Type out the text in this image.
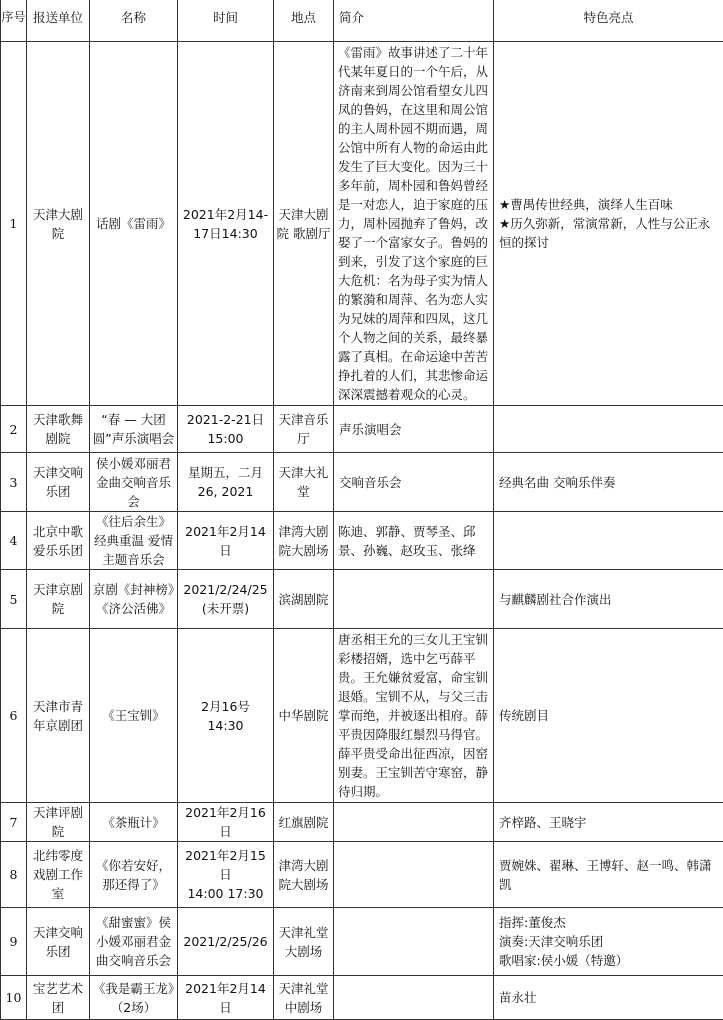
序号	报送单位	名称	时间	地点	简介	特色亮点
1	天津大剧院	话剧《雷雨》	2021年2月14-17日14:30	天津大剧院 歌剧厅	《雷雨》故事讲述了二十年代某年夏日的一个午后，从济南来到周公馆看望女儿四凤的鲁妈，在这里和周公馆的主人周朴园不期而遇，周公馆中所有人物的命运由此发生了巨大变化。因为三十多年前，周朴园和鲁妈曾经是一对恋人，迫于家庭的压力，周朴园抛弃了鲁妈，改娶了一个富家女子。鲁妈的到来，引发了这个家庭的巨大危机：名为母子实为情人的繁漪和周萍、名为恋人实为兄妹的周萍和四凤，这几个人物之间的关系，最终暴露了真相。在命运途中苦苦挣扎着的人们，其悲惨命运深深震撼着观众的心灵。	★曹禺传世经典，演绎人生百味
★历久弥新，常演常新，人性与公正永恒的探讨
2	天津歌舞剧院	“春 — 大团圆”声乐演唱会	2021-2-21日15:00	天津音乐厅	声乐演唱会	
3	天津交响乐团	侯小媛邓丽君金曲交响音乐会	星期五，二月26, 2021	天津大礼堂	交响音乐会	经典名曲 交响乐伴奏
4	北京中歌爱乐乐团	《往后余生》经典重温 爱情主题音乐会	2021年2月14日	津湾大剧院大剧场	陈迪、郭静、贾琴圣、邱景、孙巍、赵玫玉、张绛	
5	天津京剧院	京剧《封神榜》《济公活佛》	2021/2/24/25
(未开票)	滨湖剧院		与麒麟剧社合作演出
6	天津市青年京剧团	《王宝钏》	2月16号
14:30	中华剧院	唐丞相王允的三女儿王宝钏彩楼招婿，选中乞丐薛平贵。王允嫌贫爱富，命宝钏退婚。宝钏不从，与父三击掌而绝，并被逐出相府。薛平贵因降服红鬃烈马得官。薛平贵受命出征西凉，因窑别妻。王宝钏苦守寒窑，静待归期。	传统剧目
7	天津评剧院	《茶瓶计》	2021年2月16日	红旗剧院		齐梓路、王晓宇
8	北纬零度戏剧工作室	《你若安好，那还得了》	2021年2月15日
14:00 17:30	津湾大剧院大剧场		贾婉姝、翟琳、王博轩、赵一鸣、韩潇凯
9	天津交响乐团	《甜蜜蜜》侯小媛邓丽君金曲交响音乐会	2021/2/25/26	天津礼堂大剧场		指挥:董俊杰
演奏:天津交响乐团
歌唱家:侯小媛（特邀）
10	宝艺艺术团	《我是霸王龙》（2场）	2021年2月14日	天津礼堂中剧场		苗永壮
